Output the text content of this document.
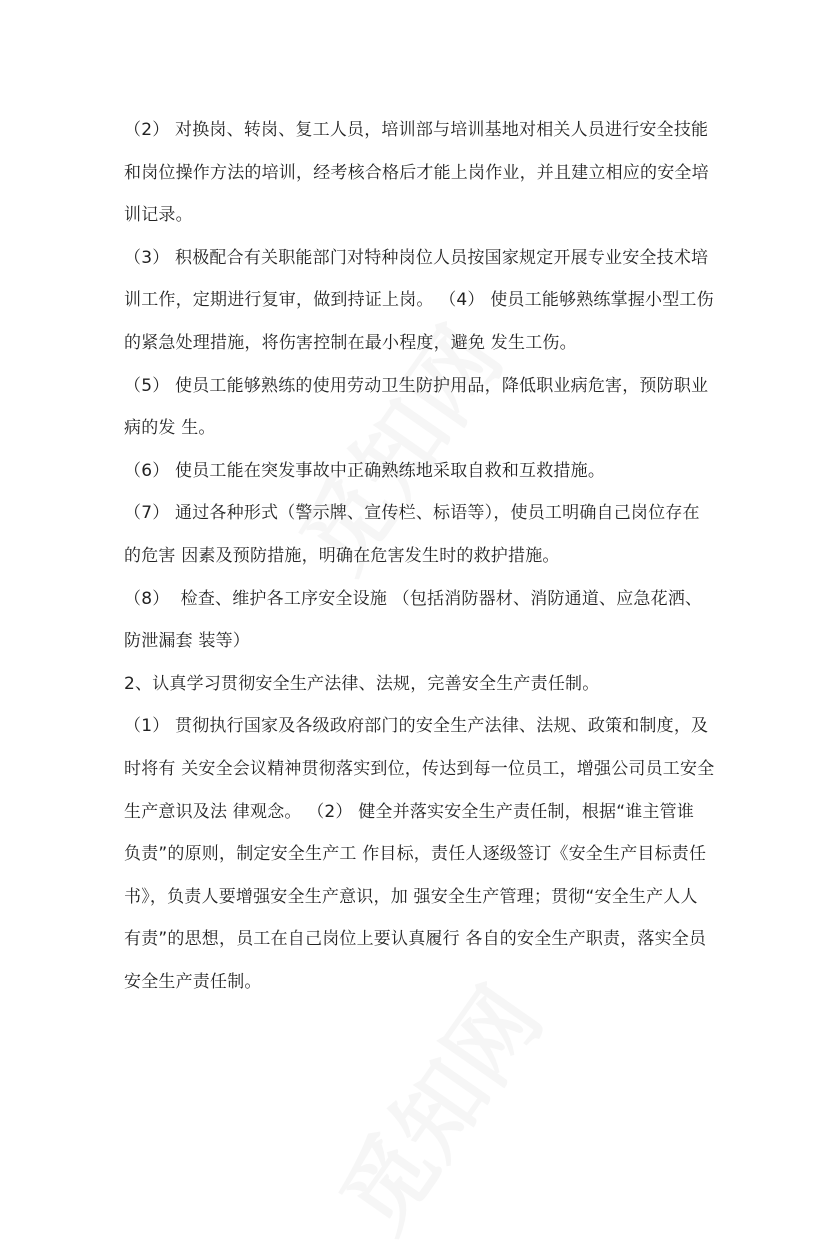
（2） 对换岗、转岗、复工人员，培训部与培训基地对相关人员进行安全技能
和岗位操作方法的培训，经考核合格后才能上岗作业，并且建立相应的安全培
训记录。
（3） 积极配合有关职能部门对特种岗位人员按国家规定开展专业安全技术培
训工作，定期进行复审，做到持证上岗。 （4） 使员工能够熟练掌握小型工伤
的紧急处理措施，将伤害控制在最小程度，避免 发生工伤。
（5） 使员工能够熟练的使用劳动卫生防护用品，降低职业病危害，预防职业
病的发 生。
（6） 使员工能在突发事故中正确熟练地采取自救和互救措施。
（7） 通过各种形式（警示牌、宣传栏、标语等），使员工明确自己岗位存在
的危害 因素及预防措施，明确在危害发生时的救护措施。
（8）  检查、维护各工序安全设施 （包括消防器材、消防通道、应急花洒、
防泄漏套 装等）
2、认真学习贯彻安全生产法律、法规，完善安全生产责任制。
（1） 贯彻执行国家及各级政府部门的安全生产法律、法规、政策和制度，及
时将有 关安全会议精神贯彻落实到位，传达到每一位员工，增强公司员工安全
生产意识及法 律观念。 （2） 健全并落实安全生产责任制，根据“谁主管谁
负责”的原则，制定安全生产工 作目标，责任人逐级签订《安全生产目标责任
书》，负责人要增强安全生产意识，加 强安全生产管理；贯彻“安全生产人人
有责”的思想，员工在自己岗位上要认真履行 各自的安全生产职责，落实全员
安全生产责任制。
